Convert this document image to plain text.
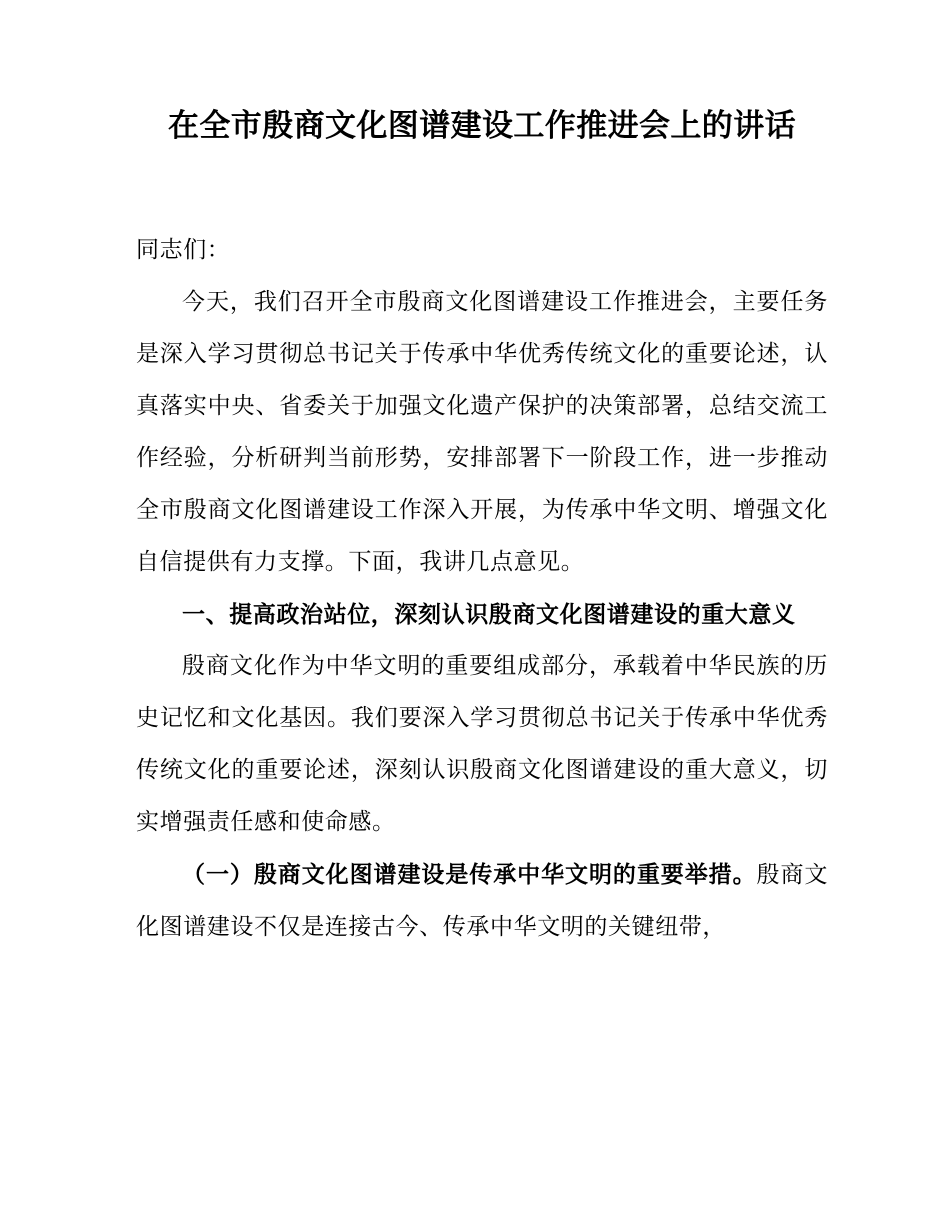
在全市殷商文化图谱建设工作推进会上的讲话

同志们：

今天，我们召开全市殷商文化图谱建设工作推进会，主要任务是深入学习贯彻总书记关于传承中华优秀传统文化的重要论述，认真落实中央、省委关于加强文化遗产保护的决策部署，总结交流工作经验，分析研判当前形势，安排部署下一阶段工作，进一步推动全市殷商文化图谱建设工作深入开展，为传承中华文明、增强文化自信提供有力支撑。下面，我讲几点意见。

一、提高政治站位，深刻认识殷商文化图谱建设的重大意义

殷商文化作为中华文明的重要组成部分，承载着中华民族的历史记忆和文化基因。我们要深入学习贯彻总书记关于传承中华优秀传统文化的重要论述，深刻认识殷商文化图谱建设的重大意义，切实增强责任感和使命感。

（一）殷商文化图谱建设是传承中华文明的重要举措。殷商文化图谱建设不仅是连接古今、传承中华文明的关键纽带，
